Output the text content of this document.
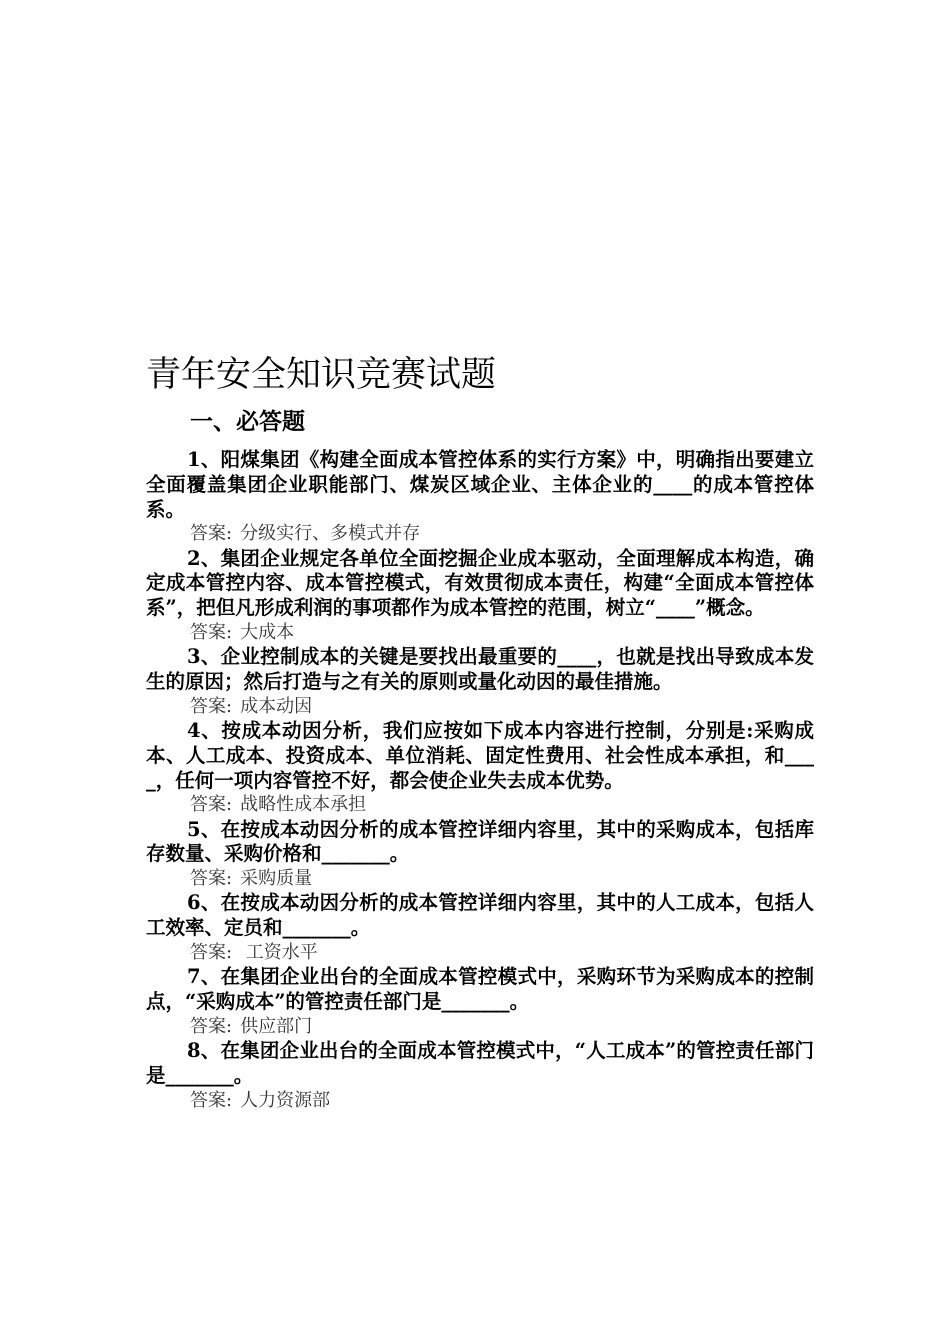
青年安全知识竞赛试题
一、必答题

1、阳煤集团《构建全面成本管控体系的实行方案》中，明确指出要建立全面覆盖集团企业职能部门、煤炭区域企业、主体企业的____的成本管控体系。

答案: 分级实行、多模式并存

2、集团企业规定各单位全面挖掘企业成本驱动，全面理解成本构造，确定成本管控内容、成本管控模式，有效贯彻成本责任，构建“全面成本管控体系”，把但凡形成利润的事项都作为成本管控的范围，树立“____”概念。

答案: 大成本

3、企业控制成本的关键是要找出最重要的____，也就是找出导致成本发生的原因；然后打造与之有关的原则或量化动因的最佳措施。

答案: 成本动因

4、按成本动因分析，我们应按如下成本内容进行控制，分别是:采购成本、人工成本、投资成本、单位消耗、固定性费用、社会性成本承担，和____，任何一项内容管控不好，都会使企业失去成本优势。

答案: 战略性成本承担

5、在按成本动因分析的成本管控详细内容里，其中的采购成本，包括库存数量、采购价格和_______。

答案: 采购质量

6、在按成本动因分析的成本管控详细内容里，其中的人工成本，包括人工效率、定员和_______。

答案: 工资水平

7、在集团企业出台的全面成本管控模式中，采购环节为采购成本的控制点，“采购成本”的管控责任部门是_______。

答案: 供应部门

8、在集团企业出台的全面成本管控模式中，“人工成本”的管控责任部门是_______。

答案: 人力资源部
